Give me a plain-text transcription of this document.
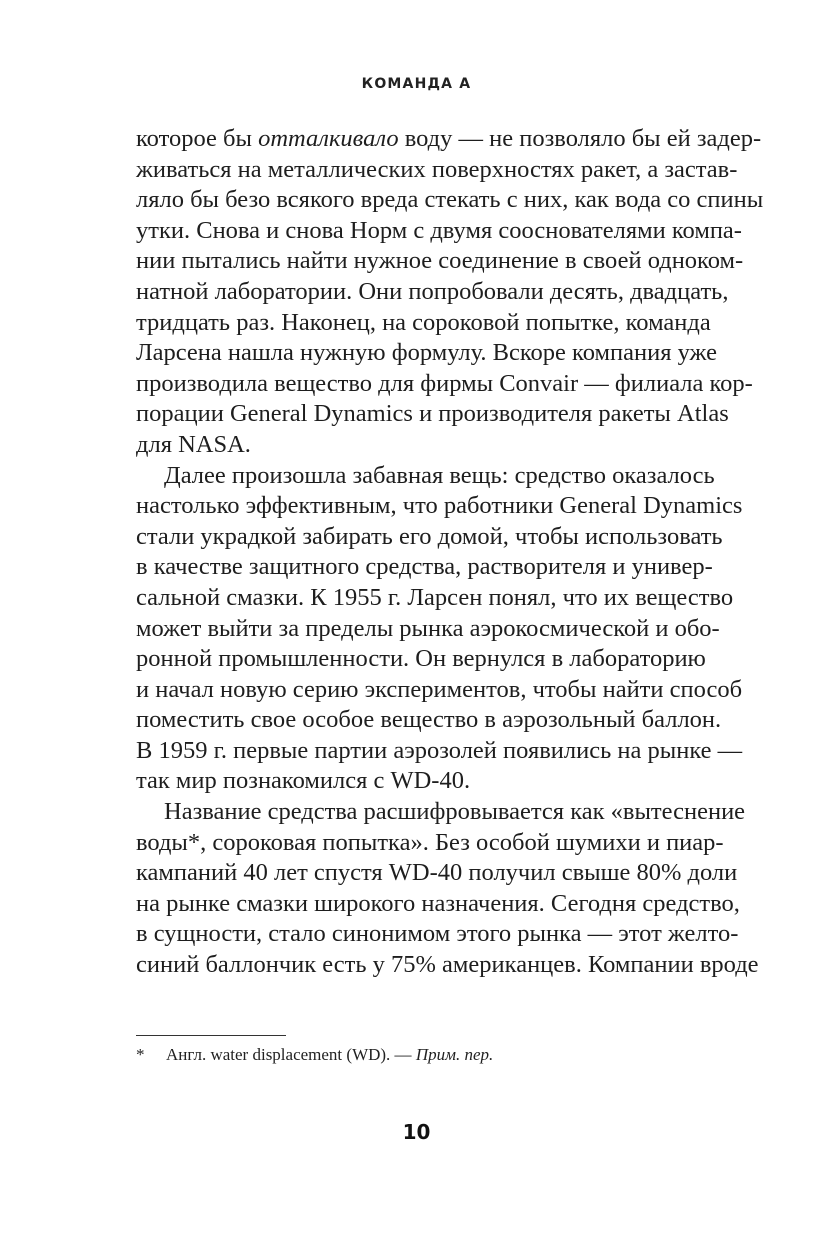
КОМАНДА А

которое бы отталкивало воду — не позволяло бы ей задер-
живаться на металлических поверхностях ракет, а застав-
ляло бы безо всякого вреда стекать с них, как вода со спины
утки. Снова и снова Норм с двумя сооснователями компа-
нии пытались найти нужное соединение в своей одноком-
натной лаборатории. Они попробовали десять, двадцать,
тридцать раз. Наконец, на сороковой попытке, команда
Ларсена нашла нужную формулу. Вскоре компания уже
производила вещество для фирмы Convair — филиала кор-
порации General Dynamics и производителя ракеты Atlas
для NASA.

Далее произошла забавная вещь: средство оказалось
настолько эффективным, что работники General Dynamics
стали украдкой забирать его домой, чтобы использовать
в качестве защитного средства, растворителя и универ-
сальной смазки. К 1955 г. Ларсен понял, что их вещество
может выйти за пределы рынка аэрокосмической и обо-
ронной промышленности. Он вернулся в лабораторию
и начал новую серию экспериментов, чтобы найти способ
поместить свое особое вещество в аэрозольный баллон.
В 1959 г. первые партии аэрозолей появились на рынке —
так мир познакомился с WD-40.

Название средства расшифровывается как «вытеснение
воды*, сороковая попытка». Без особой шумихи и пиар-
кампаний 40 лет спустя WD-40 получил свыше 80% доли
на рынке смазки широкого назначения. Сегодня средство,
в сущности, стало синонимом этого рынка — этот желто-
синий баллончик есть у 75% американцев. Компании вроде

* Англ. water displacement (WD). — Прим. пер.
10
